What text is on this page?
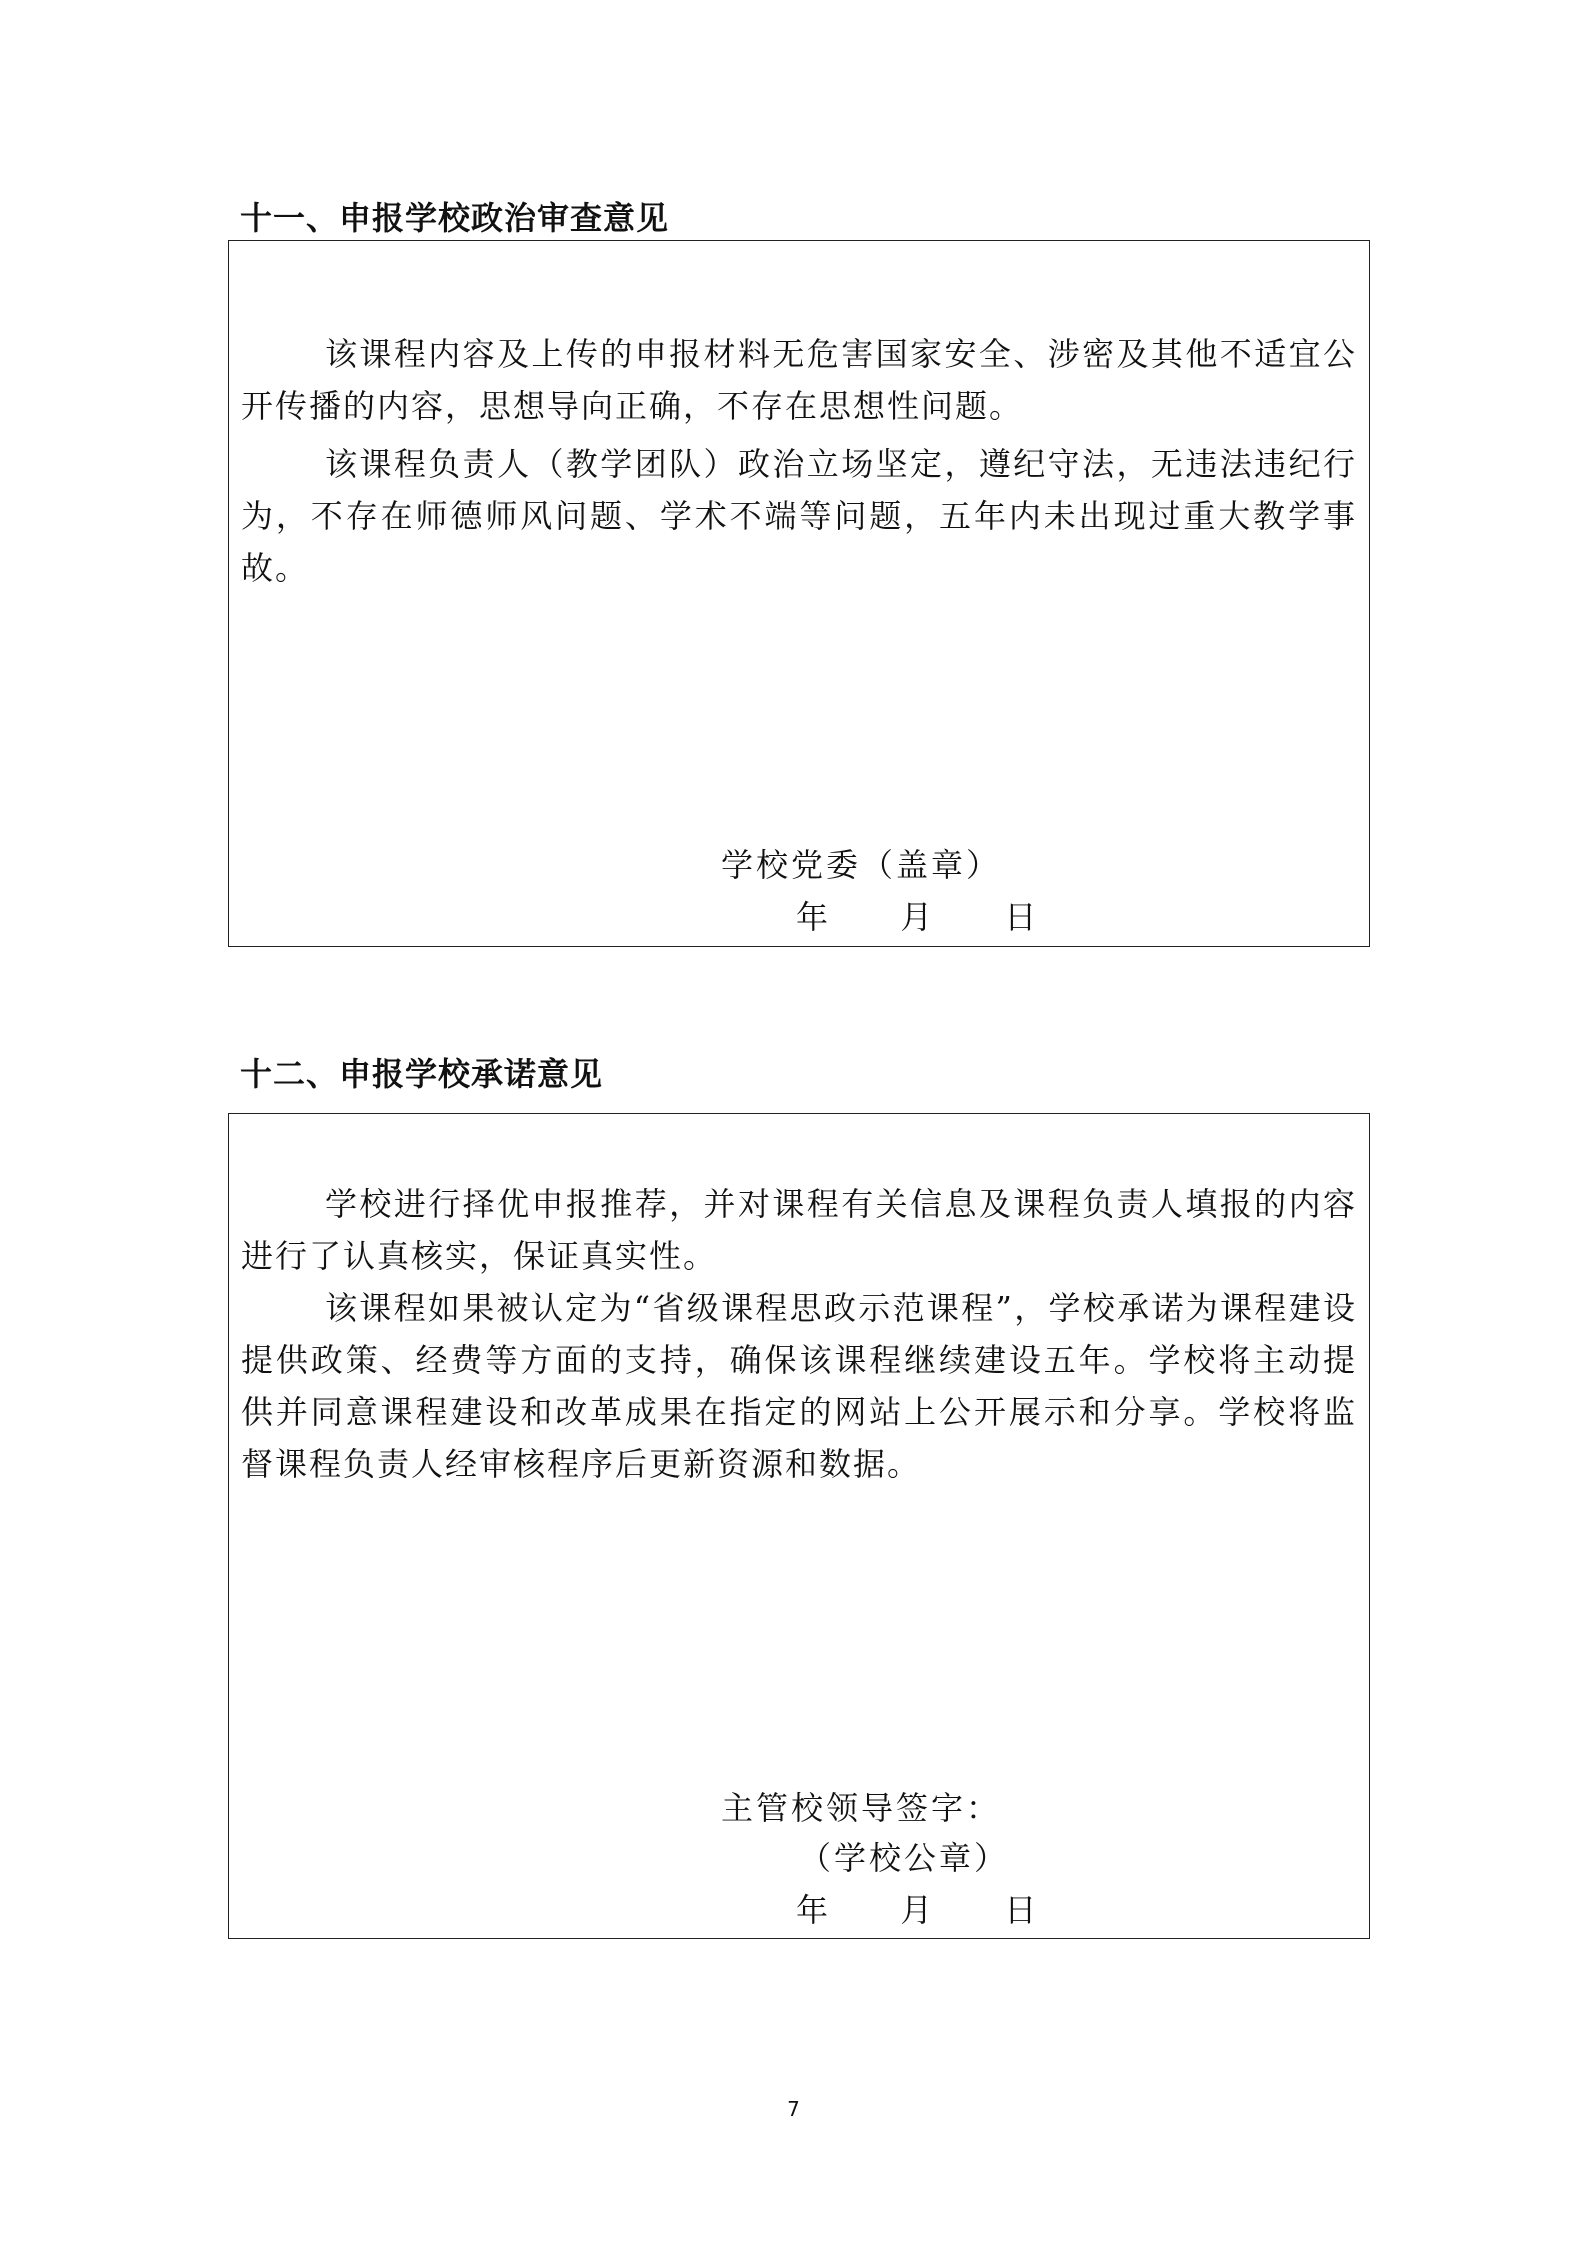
十一、申报学校政治审查意见

该课程内容及上传的申报材料无危害国家安全、涉密及其他不适宜公开传播的内容，思想导向正确，不存在思想性问题。

该课程负责人（教学团队）政治立场坚定，遵纪守法，无违法违纪行为，不存在师德师风问题、学术不端等问题，五年内未出现过重大教学事故。

学校党委（盖章）
年 月 日
十二、申报学校承诺意见

学校进行择优申报推荐，并对课程有关信息及课程负责人填报的内容进行了认真核实，保证真实性。

该课程如果被认定为“省级课程思政示范课程”，学校承诺为课程建设提供政策、经费等方面的支持，确保该课程继续建设五年。学校将主动提供并同意课程建设和改革成果在指定的网站上公开展示和分享。学校将监督课程负责人经审核程序后更新资源和数据。

主管校领导签字：
（学校公章）
年 月 日
7
